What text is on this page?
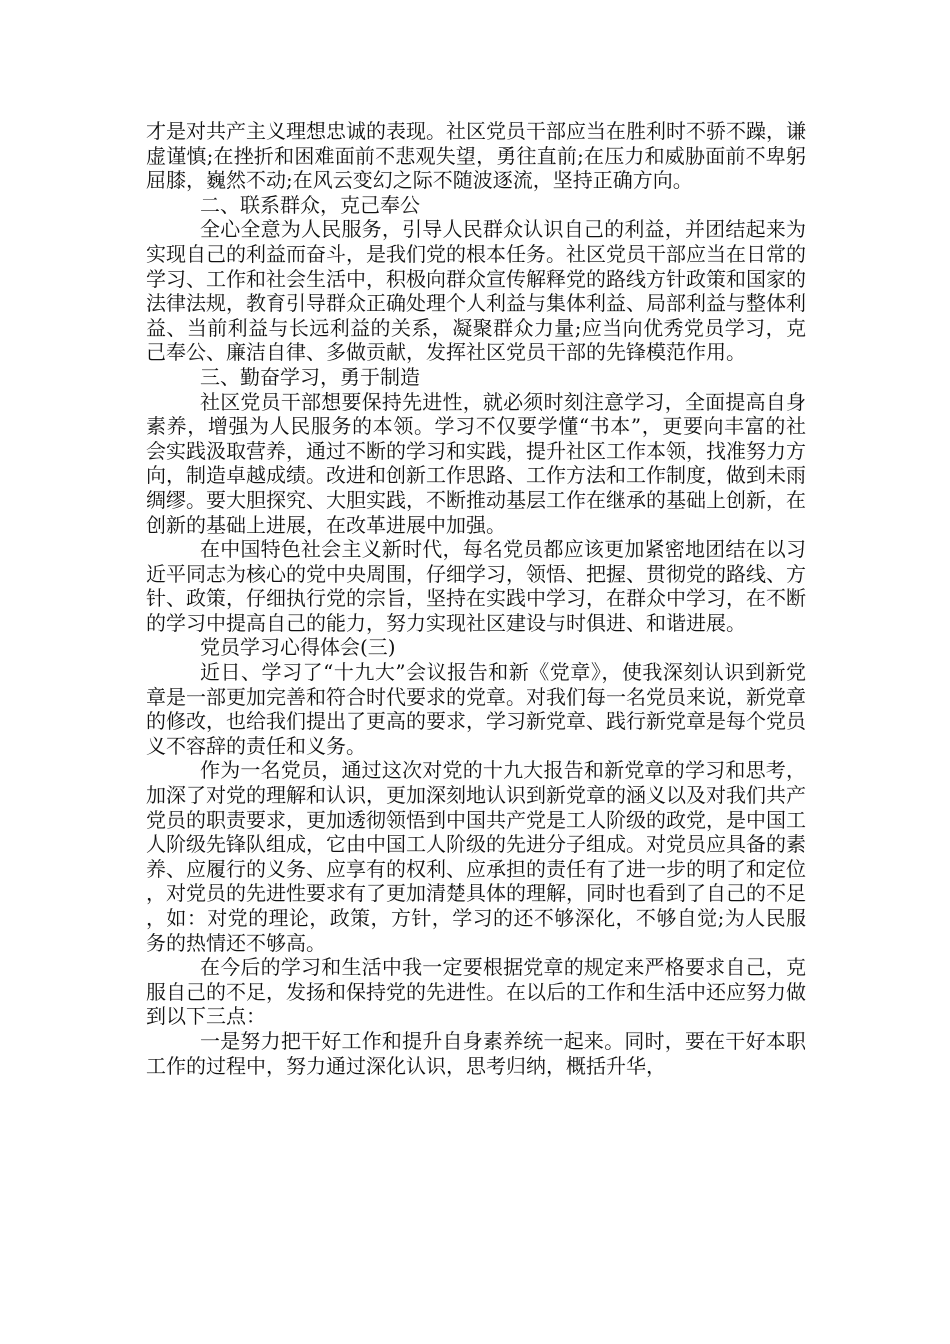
才是对共产主义理想忠诚的表现。社区党员干部应当在胜利时不骄不躁，谦虚谨慎;在挫折和困难面前不悲观失望，勇往直前;在压力和威胁面前不卑躬屈膝，巍然不动;在风云变幻之际不随波逐流，坚持正确方向。

二、联系群众，克己奉公

全心全意为人民服务，引导人民群众认识自己的利益，并团结起来为实现自己的利益而奋斗，是我们党的根本任务。社区党员干部应当在日常的学习、工作和社会生活中，积极向群众宣传解释党的路线方针政策和国家的法律法规，教育引导群众正确处理个人利益与集体利益、局部利益与整体利益、当前利益与长远利益的关系，凝聚群众力量;应当向优秀党员学习，克己奉公、廉洁自律、多做贡献，发挥社区党员干部的先锋模范作用。

三、勤奋学习，勇于制造

社区党员干部想要保持先进性，就必须时刻注意学习，全面提高自身素养，增强为人民服务的本领。学习不仅要学懂“书本”，更要向丰富的社会实践汲取营养，通过不断的学习和实践，提升社区工作本领，找准努力方向，制造卓越成绩。改进和创新工作思路、工作方法和工作制度，做到未雨绸缪。要大胆探究、大胆实践，不断推动基层工作在继承的基础上创新，在创新的基础上进展，在改革进展中加强。

在中国特色社会主义新时代，每名党员都应该更加紧密地团结在以习近平同志为核心的党中央周围，仔细学习，领悟、把握、贯彻党的路线、方针、政策，仔细执行党的宗旨，坚持在实践中学习，在群众中学习，在不断的学习中提高自己的能力，努力实现社区建设与时俱进、和谐进展。

党员学习心得体会(三)

近日、学习了“十九大”会议报告和新《党章》，使我深刻认识到新党章是一部更加完善和符合时代要求的党章。对我们每一名党员来说，新党章的修改，也给我们提出了更高的要求，学习新党章、践行新党章是每个党员义不容辞的责任和义务。

作为一名党员，通过这次对党的十九大报告和新党章的学习和思考，加深了对党的理解和认识，更加深刻地认识到新党章的涵义以及对我们共产党员的职责要求，更加透彻领悟到中国共产党是工人阶级的政党，是中国工人阶级先锋队组成，它由中国工人阶级的先进分子组成。对党员应具备的素养、应履行的义务、应享有的权利、应承担的责任有了进一步的明了和定位，对党员的先进性要求有了更加清楚具体的理解，同时也看到了自己的不足，如：对党的理论，政策，方针，学习的还不够深化，不够自觉;为人民服务的热情还不够高。

在今后的学习和生活中我一定要根据党章的规定来严格要求自己，克服自己的不足，发扬和保持党的先进性。在以后的工作和生活中还应努力做到以下三点：

一是努力把干好工作和提升自身素养统一起来。同时，要在干好本职工作的过程中，努力通过深化认识，思考归纳，概括升华，
